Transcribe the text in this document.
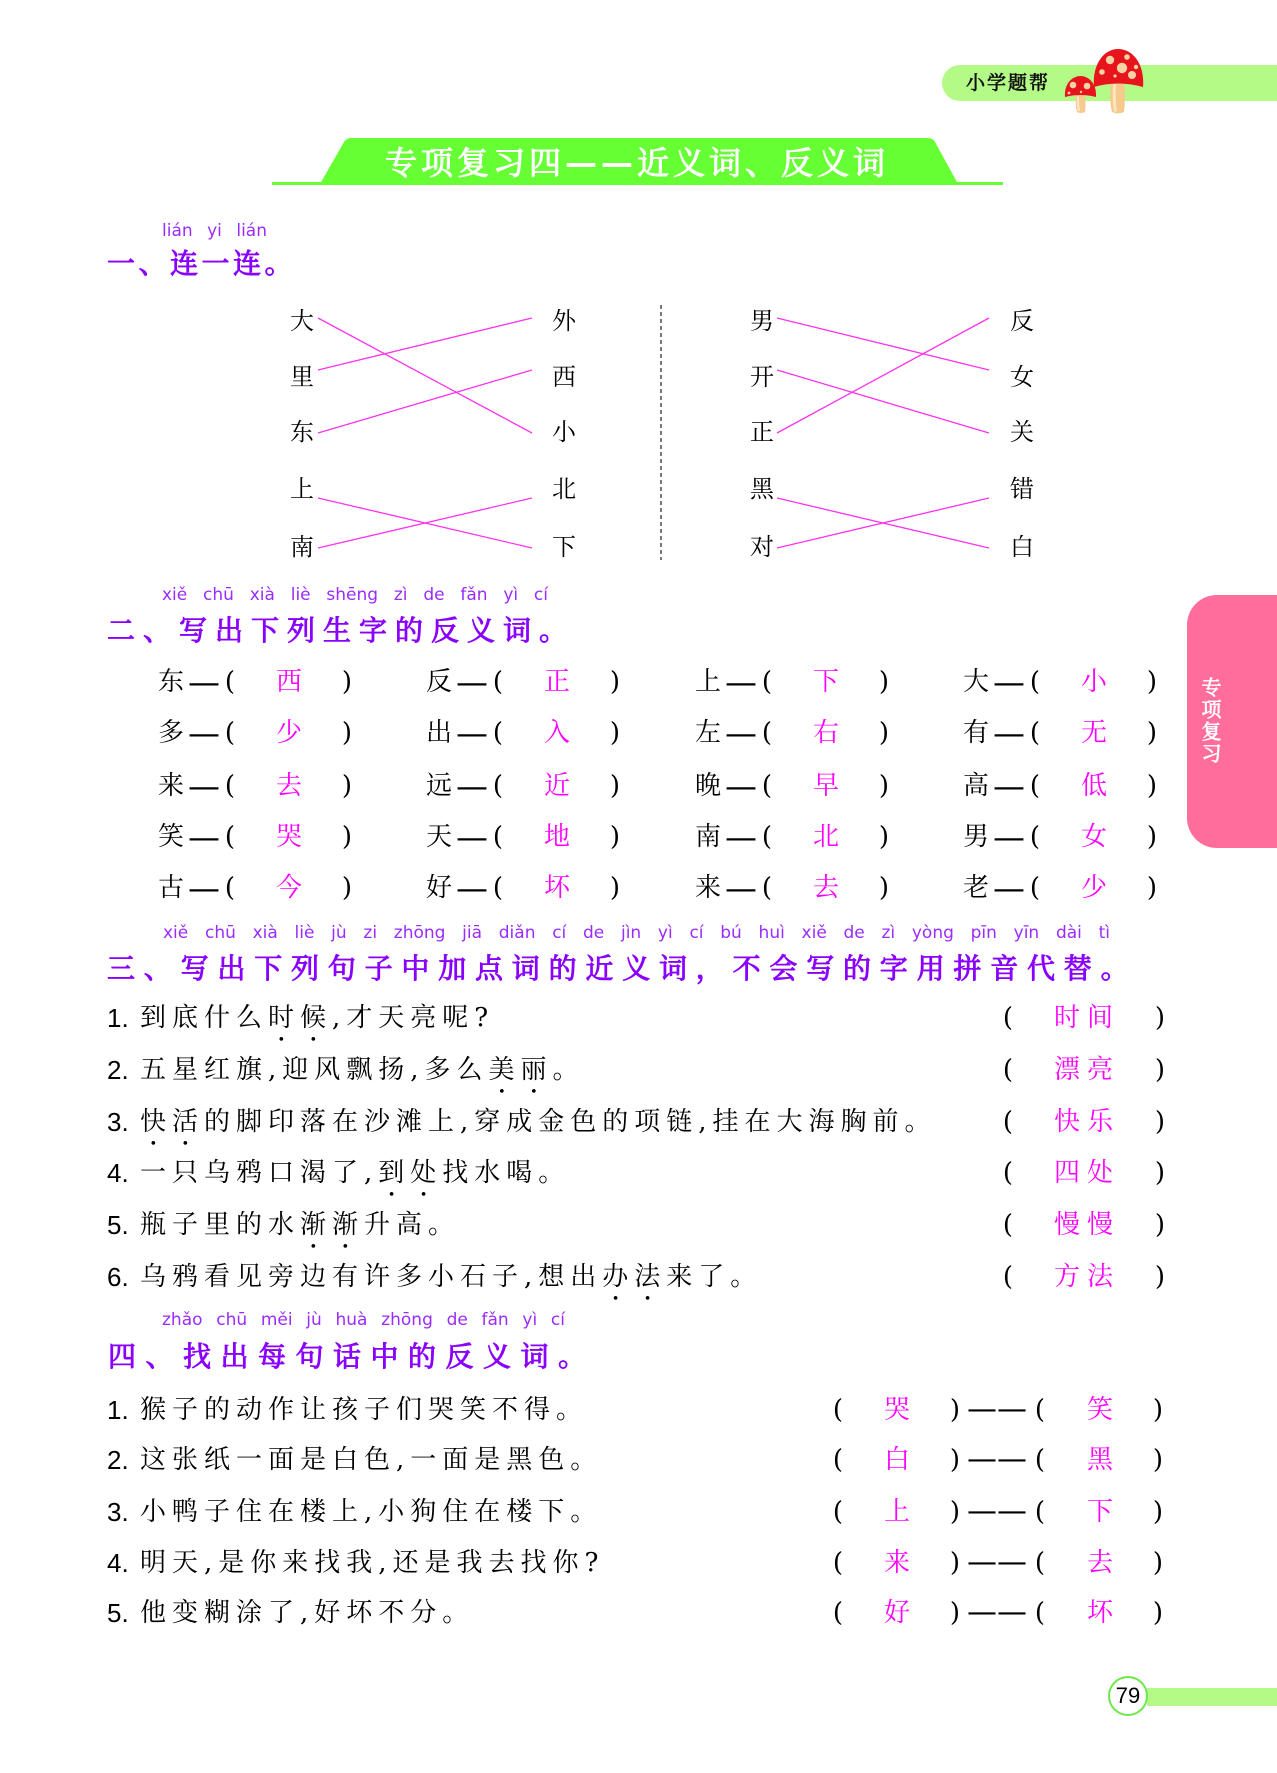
小学题帮
专项复习四——近义词、反义词
专项复习
lián yi lián
一、连一连。
大
里
东
上
南
外
西
小
北
下
男
开
正
黑
对
反
女
关
错
白
xiě chū xià liè shēng zì de fǎn yì cí
二、写出下列生字的反义词。
东 — ( 西 )	反 — ( 正 )	上 — ( 下 )	大 — ( 小 )
多 — ( 少 )	出 — ( 入 )	左 — ( 右 )	有 — ( 无 )
来 — ( 去 )	远 — ( 近 )	晚 — ( 早 )	高 — ( 低 )
笑 — ( 哭 )	天 — ( 地 )	南 — ( 北 )	男 — ( 女 )
古 — ( 今 )	好 — ( 坏 )	来 — ( 去 )	老 — ( 少 )
xiě chū xià liè jù zi zhōng jiā diǎn cí de jìn yì cí bú huì xiě de zì yòng pīn yīn dài tì
三、写出下列句子中加点词的近义词，不会写的字用拼音代替。
1. 到底什么时候,才天亮呢?	( 时间 )
2. 五星红旗,迎风飘扬,多么美丽。	( 漂亮 )
3. 快活的脚印落在沙滩上,穿成金色的项链,挂在大海胸前。	( 快乐 )
4. 一只乌鸦口渴了,到处找水喝。	( 四处 )
5. 瓶子里的水渐渐升高。	( 慢慢 )
6. 乌鸦看见旁边有许多小石子,想出办法来了。	( 方法 )
zhǎo chū měi jù huà zhōng de fǎn yì cí
四、找出每句话中的反义词。
1. 猴子的动作让孩子们哭笑不得。	( 哭 ) —— ( 笑 )
2. 这张纸一面是白色,一面是黑色。	( 白 ) —— ( 黑 )
3. 小鸭子住在楼上,小狗住在楼下。	( 上 ) —— ( 下 )
4. 明天,是你来找我,还是我去找你?	( 来 ) —— ( 去 )
5. 他变糊涂了,好坏不分。	( 好 ) —— ( 坏 )
79
